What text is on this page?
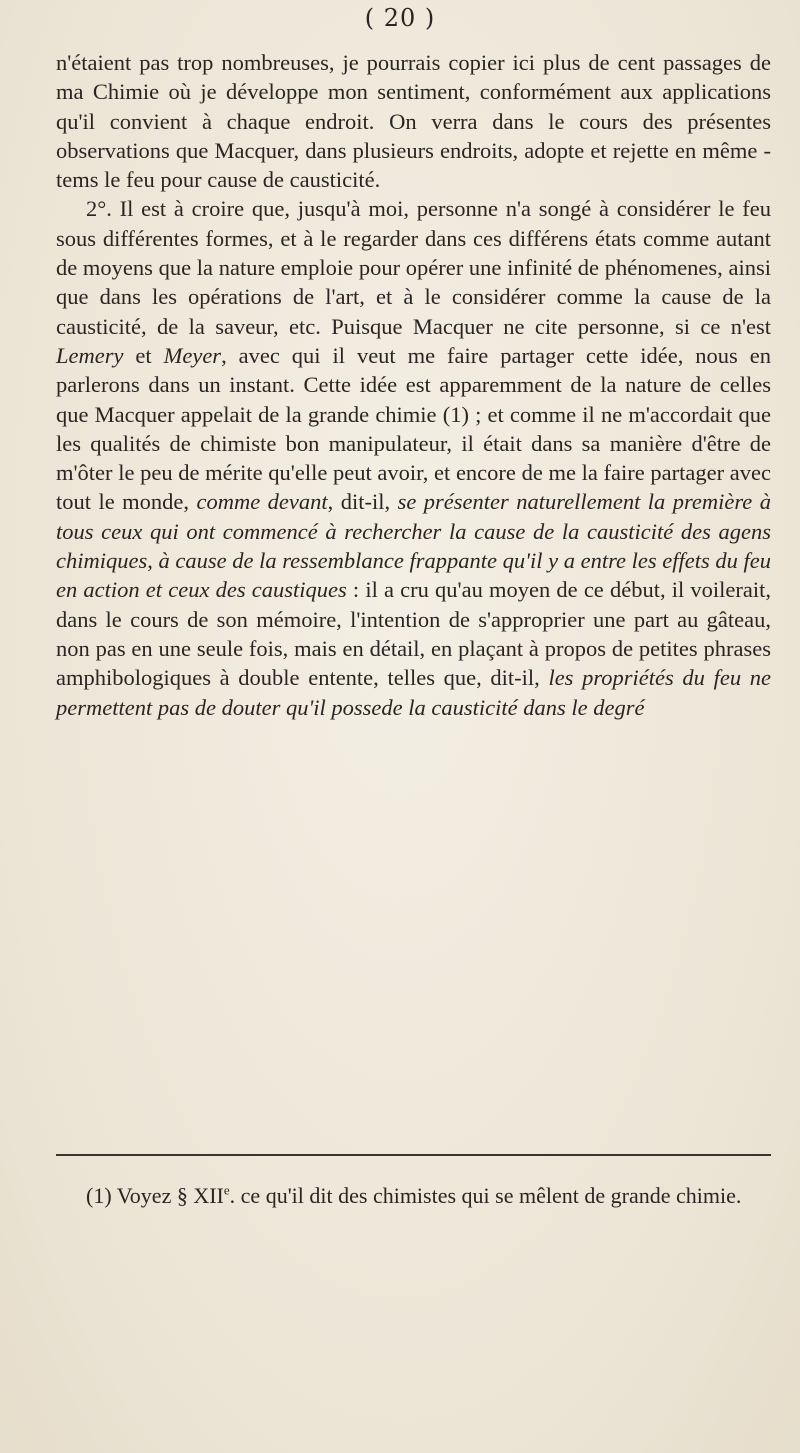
( 20 )

n'étaient pas trop nombreuses, je pourrais copier ici plus de cent passages de ma Chimie où je développe mon sentiment, conformément aux applications qu'il convient à chaque endroit. On verra dans le cours des présentes observations que Macquer, dans plusieurs endroits, adopte et rejette en même - tems le feu pour cause de causticité.

2°. Il est à croire que, jusqu'à moi, personne n'a songé à considérer le feu sous différentes formes, et à le regarder dans ces différens états comme autant de moyens que la nature emploie pour opérer une infinité de phénomenes, ainsi que dans les opérations de l'art, et à le considérer comme la cause de la causticité, de la saveur, etc. Puisque Macquer ne cite personne, si ce n'est Lemery et Meyer, avec qui il veut me faire partager cette idée, nous en parlerons dans un instant. Cette idée est apparemment de la nature de celles que Macquer appelait de la grande chimie (1) ; et comme il ne m'accordait que les qualités de chimiste bon manipulateur, il était dans sa manière d'être de m'ôter le peu de mérite qu'elle peut avoir, et encore de me la faire partager avec tout le monde, comme devant, dit-il, se présenter naturellement la première à tous ceux qui ont commencé à rechercher la cause de la causticité des agens chimiques, à cause de la ressemblance frappante qu'il y a entre les effets du feu en action et ceux des caustiques : il a cru qu'au moyen de ce début, il voilerait, dans le cours de son mémoire, l'intention de s'approprier une part au gâteau, non pas en une seule fois, mais en détail, en plaçant à propos de petites phrases amphibologiques à double entente, telles que, dit-il, les propriétés du feu ne permettent pas de douter qu'il possede la causticité dans le degré

(1) Voyez § XIIe. ce qu'il dit des chimistes qui se mêlent de grande chimie.
